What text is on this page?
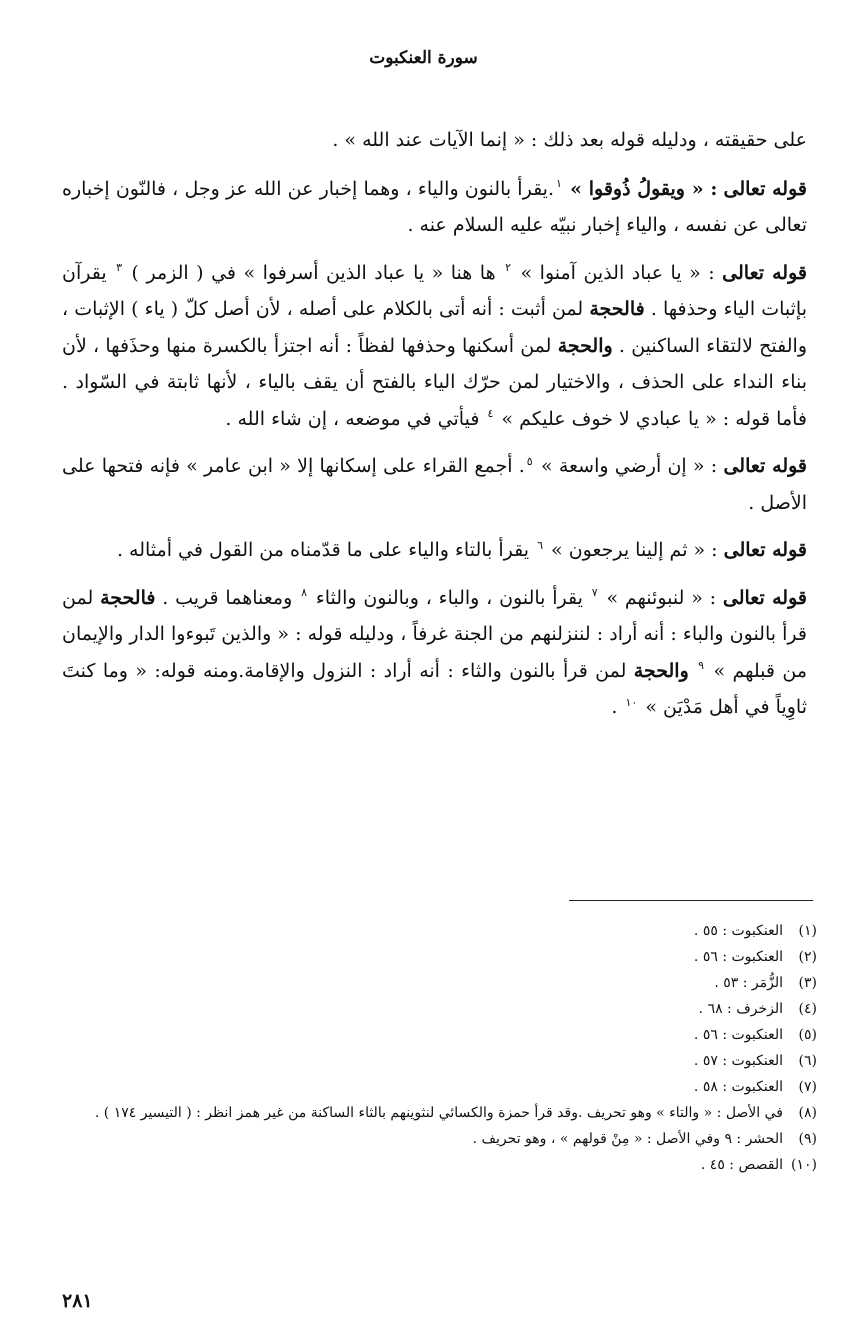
سورة العنكبوت

على حقيقته ، ودليله قوله بعد ذلك : « إنما الآيات عند الله » .

قوله تعالى : « ويقولُ ذُوقوا » $^١$.يقرأ بالنون والياء ، وهما إخبار عن الله عز وجل ، فالنّون إخباره تعالى عن نفسه ، والياء إخبار نبيّه عليه السلام عنه .

قوله تعالى : « يا عباد الذين آمنوا » $^٢$ ها هنا « يا عباد الذين أسرفوا » في ( الزمر ) $^٣$ يقرآن بإثبات الياء وحذفها . فالحجة لمن أثبت : أنه أتى بالكلام على أصله ، لأن أصل كلّ ( ياء ) الإثبات ، والفتح لالتقاء الساكنين . والحجة لمن أسكنها وحذفها لفظاً : أنه اجتزأ بالكسرة منها وحذَفها ، لأن بناء النداء على الحذف ، والاختيار لمن حرّك الياء بالفتح أن يقف بالياء ، لأنها ثابتة في السّواد . فأما قوله : « يا عبادي لا خوف عليكم » $^٤$ فيأتي في موضعه ، إن شاء الله .

قوله تعالى : « إن أرضي واسعة » $^٥$. أجمع القراء على إسكانها إلا « ابن عامر » فإنه فتحها على الأصل .

قوله تعالى : « ثم إلينا يرجعون » $^٦$ يقرأ بالتاء والياء على ما قدّمناه من القول في أمثاله .

قوله تعالى : « لنبوئنهم » $^٧$ يقرأ بالنون ، والباء ، وبالنون والثاء $^٨$ ومعناهما قريب . فالحجة لمن قرأ بالنون والباء : أنه أراد : لننزلنهم من الجنة غرفاً ، ودليله قوله : « والذين تَبوءوا الدار والإيمان من قبلهم » $^٩$ والحجة لمن قرأ بالنون والثاء : أنه أراد : النزول والإقامة.ومنه قوله: « وما كنتَ ثاوِياً في أهل مَدْيَن » $^{١٠}$ .

(١)
العنكبوت : ٥٥ .
(٢)
العنكبوت : ٥٦ .
(٣)
الزُّمَر : ٥٣ .
(٤)
الزخرف : ٦٨ .
(٥)
العنكبوت : ٥٦ .
(٦)
العنكبوت : ٥٧ .
(٧)
العنكبوت : ٥٨ .
(٨)
في الأصل : « والتاء » وهو تحريف .وقد قرأ حمزة والكسائي لنثوينهم بالثاء الساكنة من غير همز انظر : ( التيسير ١٧٤ ) .
(٩)
الحشر : ٩ وفي الأصل : « مِنْ قولهم » ، وهو تحريف .
(١٠)
القصص : ٤٥ .
٢٨١
